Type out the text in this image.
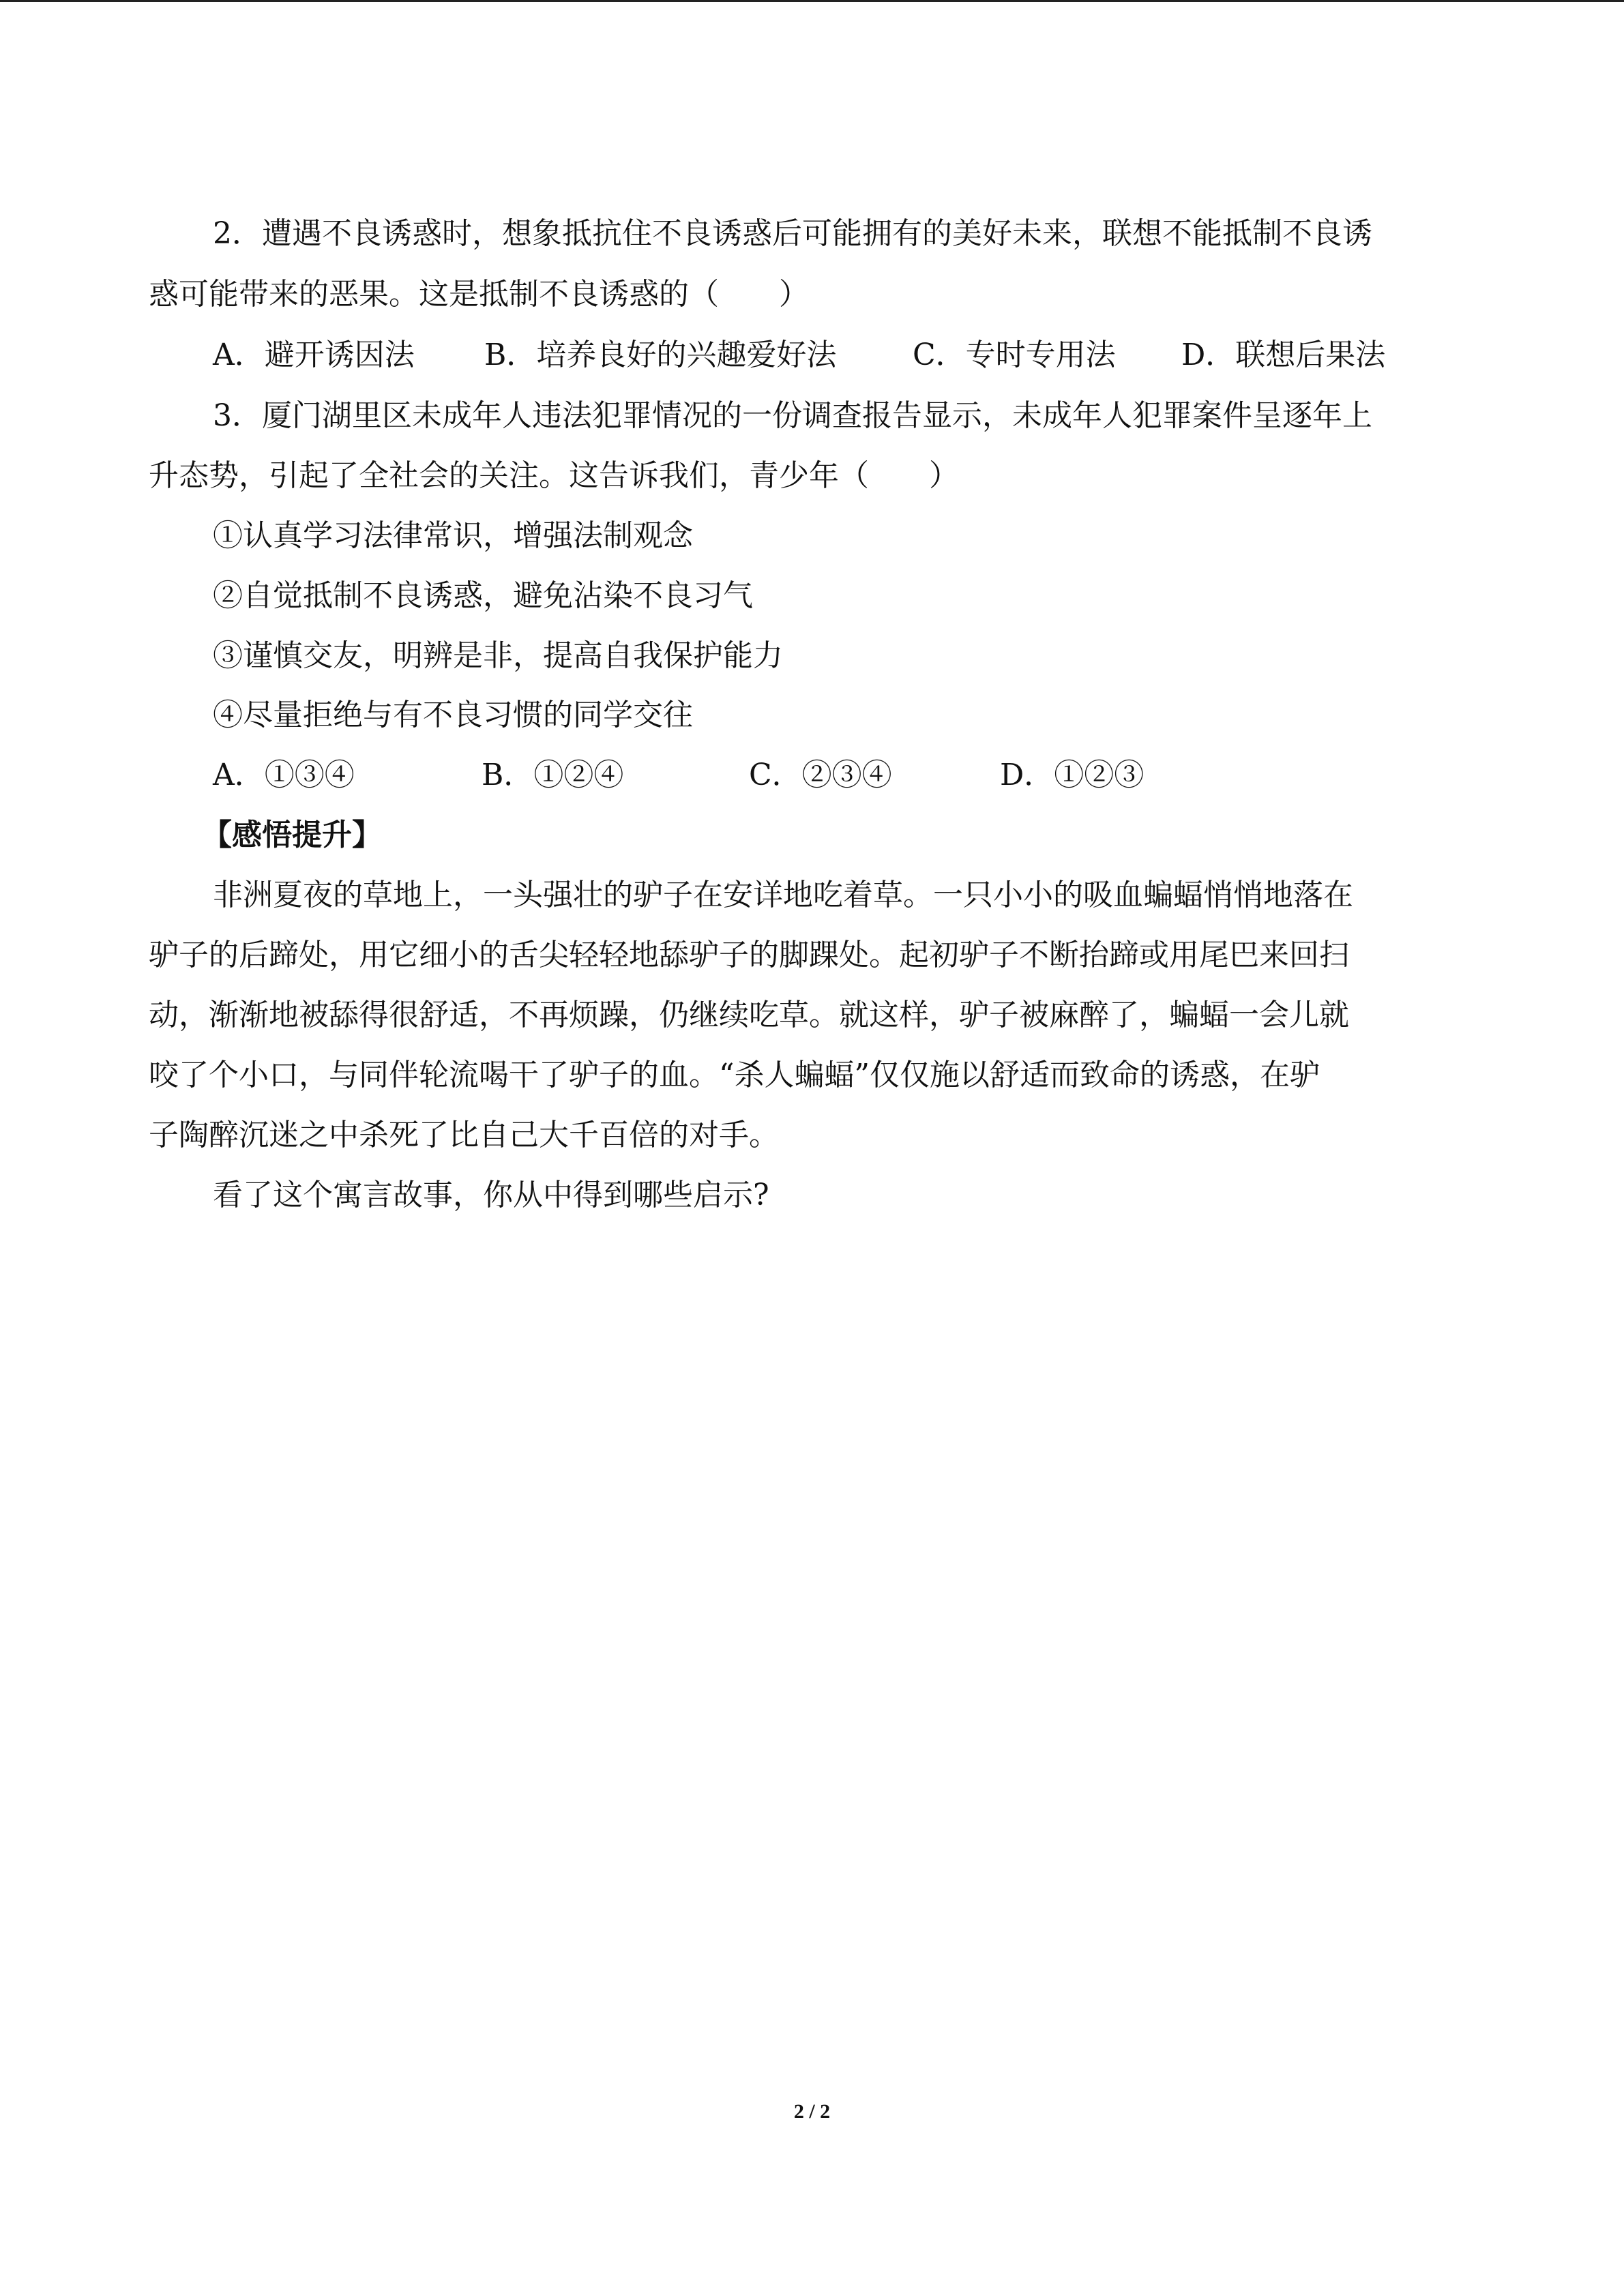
2．遭遇不良诱惑时，想象抵抗住不良诱惑后可能拥有的美好未来，联想不能抵制不良诱
惑可能带来的恶果。这是抵制不良诱惑的（　　）
A．避开诱因法 B．培养良好的兴趣爱好法	C．专时专用法 D．联想后果法
3．厦门湖里区未成年人违法犯罪情况的一份调查报告显示，未成年人犯罪案件呈逐年上
升态势，引起了全社会的关注。这告诉我们，青少年（　　）
①认真学习法律常识，增强法制观念
②自觉抵制不良诱惑，避免沾染不良习气
③谨慎交友，明辨是非，提高自我保护能力
④尽量拒绝与有不良习惯的同学交往
A．①③④	B．①②④	C．②③④	D．①②③
【感悟提升】
非洲夏夜的草地上，一头强壮的驴子在安详地吃着草。一只小小的吸血蝙蝠悄悄地落在
驴子的后蹄处，用它细小的舌尖轻轻地舔驴子的脚踝处。起初驴子不断抬蹄或用尾巴来回扫
动，渐渐地被舔得很舒适，不再烦躁，仍继续吃草。就这样，驴子被麻醉了，蝙蝠一会儿就
咬了个小口，与同伴轮流喝干了驴子的血。“杀人蝙蝠”仅仅施以舒适而致命的诱惑，在驴
子陶醉沉迷之中杀死了比自己大千百倍的对手。
看了这个寓言故事，你从中得到哪些启示?
2 / 2
